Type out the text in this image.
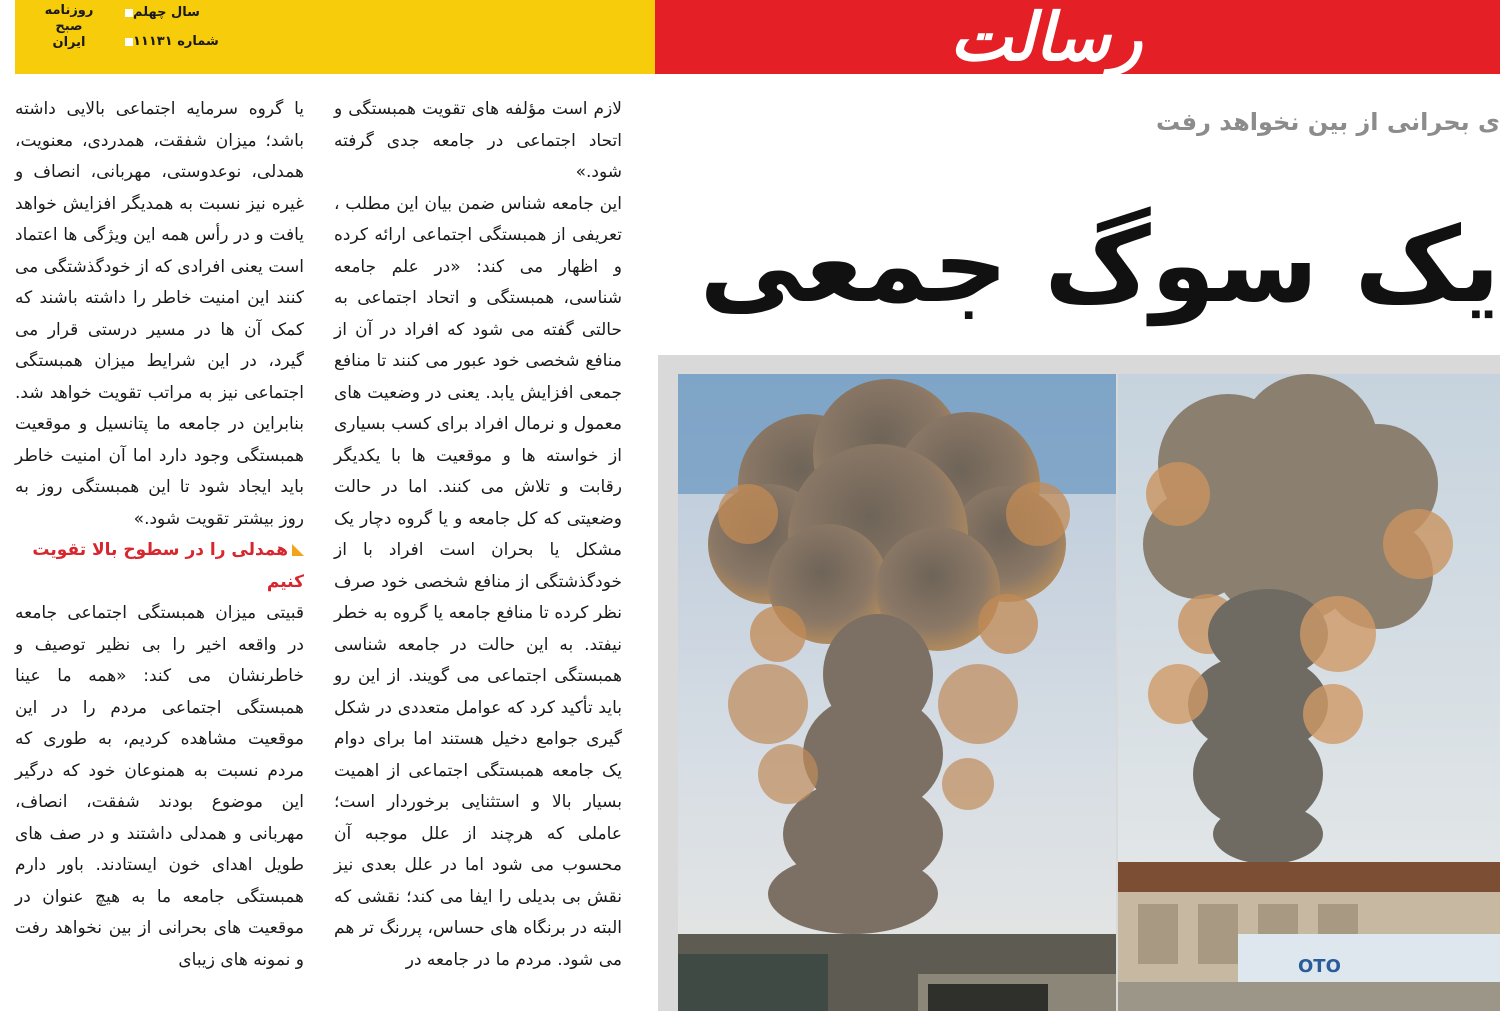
رسالت
روزنامه
صبح
ایران
سال چهلم
شماره ۱۱۱۳۱

لازم است مؤلفه های تقویت همبستگی و اتحاد اجتماعی در جامعه جدی گرفته شود.»

این جامعه شناس ضمن بیان این مطلب ، تعریفی از همبستگی اجتماعی ارائه کرده و اظهار می کند: «در علم جامعه شناسی، همبستگی و اتحاد اجتماعی به حالتی گفته می شود که افراد در آن از منافع شخصی خود عبور می کنند تا منافع جمعی افزایش یابد. یعنی در وضعیت های معمول و نرمال افراد برای کسب بسیاری از خواسته ها و موقعیت ها با یکدیگر رقابت و تلاش می کنند. اما در حالت وضعیتی که کل جامعه و یا گروه دچار یک مشکل یا بحران است افراد با از خودگذشتگی از منافع شخصی خود صرف نظر کرده تا منافع جامعه یا گروه به خطر نیفتد. به این حالت در جامعه شناسی همبستگی اجتماعی می گویند. از این رو باید تأکید کرد که عوامل متعددی در شکل گیری جوامع دخیل هستند اما برای دوام یک جامعه همبستگی اجتماعی از اهمیت بسیار بالا و استثنایی برخوردار است؛ عاملی که هرچند از علل موجبه آن محسوب می شود اما در علل بعدی نیز نقش بی بدیلی را ایفا می کند؛ نقشی که البته در برنگاه های حساس، پررنگ تر هم می شود. مردم ما در جامعه در

یا گروه سرمایه اجتماعی بالایی داشته باشد؛ میزان شفقت، همدردی، معنویت، همدلی، نوعدوستی، مهربانی، انصاف و غیره نیز نسبت به همدیگر افزایش خواهد یافت و در رأس همه این ویژگی ها اعتماد است یعنی افرادی که از خودگذشتگی می کنند این امنیت خاطر را داشته باشند که کمک آن ها در مسیر درستی قرار می گیرد، در این شرایط میزان همبستگی اجتماعی نیز به مراتب تقویت خواهد شد. بنابراین در جامعه ما پتانسیل و موقعیت همبستگی وجود دارد اما آن امنیت خاطر باید ایجاد شود تا این همبستگی روز به روز بیشتر تقویت شود.»

همدلی را در سطوح بالا تقویت کنیم

قبیتی میزان همبستگی اجتماعی جامعه در واقعه اخیر را بی نظیر توصیف و خاطرنشان می کند: «همه ما عینا همبستگی اجتماعی مردم را در این موقعیت مشاهده کردیم، به طوری که مردم نسبت به همنوعان خود که درگیر این موضوع بودند شفقت، انصاف، مهربانی و همدلی داشتند و در صف های طویل اهدای خون ایستادند. باور دارم همبستگی جامعه ما به هیچ عنوان در موقعیت های بحرانی از بین نخواهد رفت و نمونه های زیبای

ی بحرانی از بین نخواهد رفت
یک سوگ جمعی
OTO
